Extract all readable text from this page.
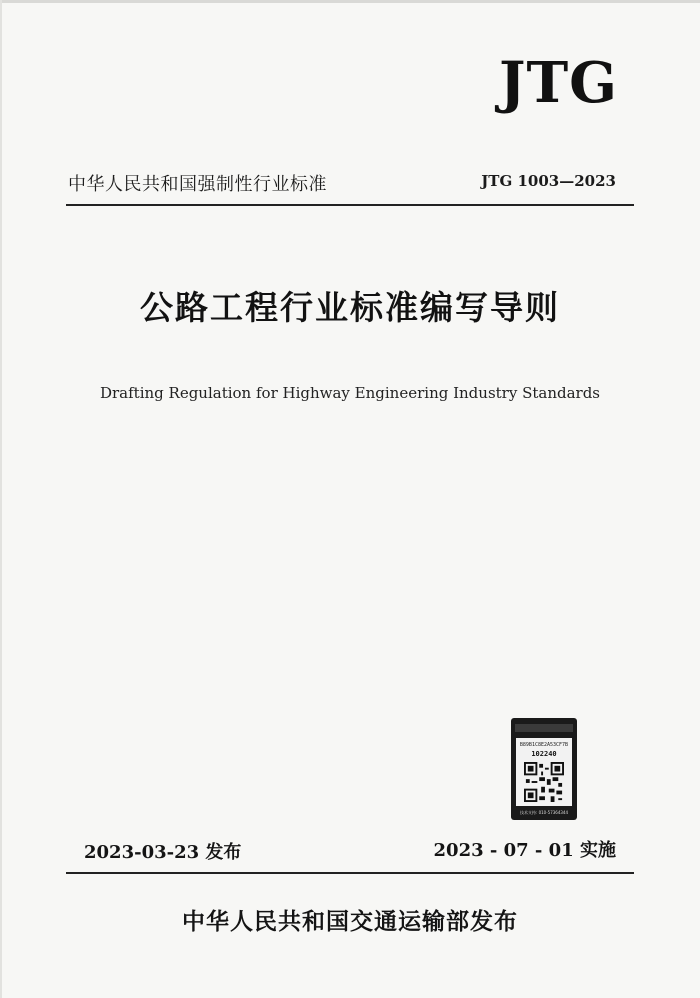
JTG
中华人民共和国强制性行业标准	JTG 1003—2023
公路工程行业标准编写导则
Drafting Regulation for Highway Engineering Industry Standards
B89B1C8E2A53CF7B
102240
技术支持: 010-57364344
2023-03-23 发布	2023 - 07 - 01 实施
中华人民共和国交通运输部发布
